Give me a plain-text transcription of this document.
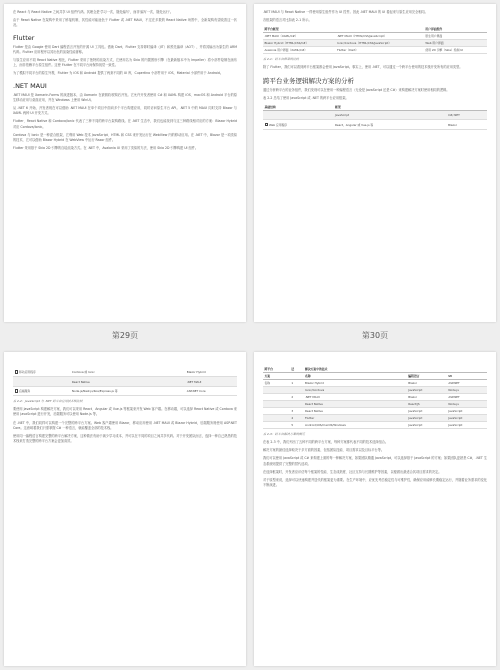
在 React 与 React Native 之间共享 UI 组件代码。其理念是'学习一次，随处编写'，而非'编写一次，随处运行'。

由于 React Native 在架构中采用了桥接机制，其性能可能逊色于 Flutter 或 .NET MAUI，不过在多数的 React Native 场景中，全新架构有望改善这一状况。

Flutter

Flutter 是由 Google 使用 Dart 编程语言开发的开源 UI 工具包。借助 Dart，Flutter 支持即时编译（JIT）和预先编译（AOT），并将其输出为原生的 ARM 代码。Flutter 应用程序以其出色的渲染性能著称。

与原生应用不同 React Native 相比，Flutter 采用了独特的渲染方式，它使用名为 Skia 的内置图形引擎（在最新版本中为 Impeller）将小部件绘制在画布上，而非依赖平台原生组件。这使 Flutter 在不同平台间保持视觉一致性。

为了模拟不同平台的原生外观，Flutter 为 iOS 和 Android 提供了两套不同的 UI 库，Cupertino 小部件用于 iOS，Material 小部件用于 Android。

.NET MAUI

.NET MAUI 是 Xamarin.Forms 的演进版本，由 Xamarin 在被微软收购后开发。它允许开发者使用 C# 和 XAML 构建 iOS、macOS 和 Android 平台的原生移动应用与桌面应用，并在 Windows 上使用 WinUI。

从 .NET 6 开始，开发者现在可以借助 .NET MAUI 在单个项目中面向多个平台构建应用，同时访问原生平台 API。.NET 5 中的 MAUI 同时支持 Blazor 与 XAML 两种 UI 开发方式。

Flutter、React Native 和 Cordova/Ionic 代表了三种不同的跨平台架构路线。在 .NET 生态中，我们也能找到与这三种路线相对应的方案：Blazor Hybrid 对应 Cordova/Ionic。

Cordova 与 Ionic 是一种混合框架，它利用 Web 技术 JavaScript、HTML 和 CSS 来开发运行在 WebView 内的移动应用。在 .NET 中，Blazor 是一项类似的技术，它可以借助 Blazor Hybrid 在 WebView 中运行 Razor 组件。

Flutter 采用基于 Skia 2D 引擎的自绘渲染方式。在 .NET 中，Avalonia UI 采用了类似的方法，使用 Skia 2D 引擎构建 UI 组件。

第29页

.NET MAUI 与 React Native 一样使用原生组件作为 UI 控件。因此 .NET MAUI 的 UI 看起来与原生应用完全相同。

各框架的语言对比如表 2-1 所示。

跨平台框架		用户界面组件
.NET MAUI（XAML/C#）	.NET MAUI（HTML/CSS/JavaScript）	原生用户界面
Blazor Hybrid（HTML/CSS/C#）	Ionic/Cordova（HTML/CSS/JavaScript）	Web 用户界面
Avalonia 用户界面（XAML/C#）	Flutter（Dart）	使用 2D 引擎（Skia）绘制 UI

表 2-1：跨平台框架的比较

除了 Flutter，我们可以看到跨平台框架都会使用 JavaScript。事实上，使用 .NET，可以通过一个跨平台使用的技术栈开发所有的应用类型。

跨平台业务逻辑解决方案的分析

通过分析跨平台的业务组件，我们发现可以在使用一种编程语言（无论是 JavaScript 还是 C#）来构建解决方案时使用相同的逻辑。

表 2-2 总结了使用 JavaScript 或 .NET 的跨平台应用框架。

基础结构	框架	
	JavaScript	C#/.NET
Web 应用程序	React、Angular 或 Vue.js 等	Blazor
第30页
移动应用程序	Cordova 或 Ionic	Blazor Hybrid
	React Native	.NET MAUI
后端服务	Node.js/Nest.js/Koa/Express.js 等	ASP.NET Core

表 2-2：JavaScript 与 .NET 跨平台应用技术栈比较

要使用 JavaScript 构建解决方案，我们可以采用 React、Angular 或 Vue.js 等框架来开发 Web 客户端。在移动端，可以选择 React Native 或 Cordova 来使用 JavaScript 进行开发，后端服务可以使用 Node.js 等。

在 .NET 中，我们同样可以构建一个完整的跨平台方案。Web 客户端使用 Blazor，移动应用使用 .NET MAUI 或 Blazor Hybrid，后端服务则使用 ASP.NET Core。这意味着我们只需掌握 C# 一种语言，就能覆盖全部的技术栈。

使用同一编程语言构建完整的跨平台解决方案，这种做法有助于减少学习成本，并可以在不同的项目之间共享代码。对于开发团队而言，选择一种自己熟悉的技术栈来打造完整的跨平台方案会更加高效。

跨平台	层	解决方案中的技术		
方案		名称	编程语言	UI
名称	1	Blazor Hybrid	Blazor	ASP.NET
		Ionic/Cordova	JavaScript	Node.js
	2	.NET MAUI	Blazor	ASP.NET
		React Native	React/JS	Node.js
	3	React Native	JavaScript	JavaScript
	4	Flutter	JavaScript	JavaScript
	5	Android/iOS/macOS/Windows	JavaScript	JavaScript

表 2-3：跨平台解决方案的概览

在表 2-3 中，我们列出了五种不同的跨平台方案，每种方案都代表不同的技术选择组合。

解决方案的最佳选择取决于多方面的因素，包括团队技能、项目需求以及目标平台等。

我们可以使用 JavaScript 或 C# 来构建上面的每一种解决方案，如果团队精通 JavaScript，可以选择基于 JavaScript 的方案；如果团队更熟悉 C#，.NET 生态系统则提供了完整的替代选项。

在选择框架时，开发者应评估每个框架的性能、生态成熟度、社区支持与长期维护等因素，以便做出最适合其项目需求的决定。

对于原型来说，选择可以快速构建并迭代的框架更为重要。在生产环境中，应优先考虑稳定性与可维护性，确保应用能够长期稳定运行，并随着业务需求的变化不断演进。
